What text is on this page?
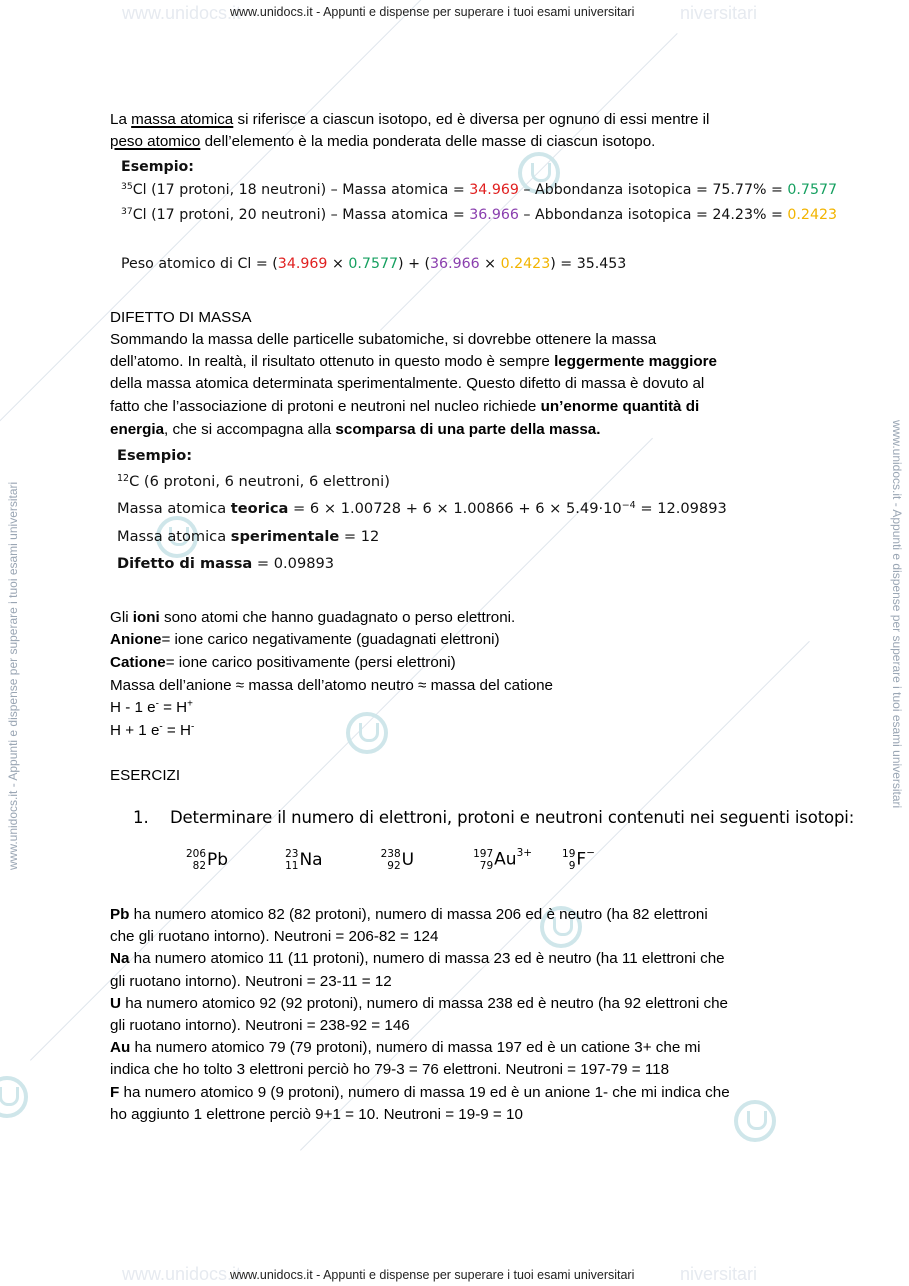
www.unidocs.it - Appunti e dispense per superare i tuoi esami universitari	www.unidocs.it - Appunti e dispense per superare i tuoi esami universitari
www.unidocs.it	niversitari
www.unidocs.it - Appunti e dispense per superare i tuoi esami universitari
La massa atomica si riferisce a ciascun isotopo, ed è diversa per ognuno di essi mentre il
peso atomico dell’elemento è la media ponderata delle masse di ciascun isotopo.
Esempio:
$^{35}$Cl (17 protoni, 18 neutroni) – Massa atomica = 34.969 – Abbondanza isotopica = 75.77% = 0.7577
$^{37}$Cl (17 protoni, 20 neutroni) – Massa atomica = 36.966 – Abbondanza isotopica = 24.23% = 0.2423
Peso atomico di Cl = (34.969 × 0.7577) + (36.966 × 0.2423) = 35.453
DIFETTO DI MASSA
Sommando la massa delle particelle subatomiche, si dovrebbe ottenere la massa
dell’atomo. In realtà, il risultato ottenuto in questo modo è sempre leggermente maggiore
della massa atomica determinata sperimentalmente. Questo difetto di massa è dovuto al
fatto che l’associazione di protoni e neutroni nel nucleo richiede un’enorme quantità di
energia, che si accompagna alla scomparsa di una parte della massa.
Esempio:
$^{12}$C (6 protoni, 6 neutroni, 6 elettroni)
Massa atomica teorica = $6 \times 1.00728 + 6 \times 1.00866 + 6 \times 5.49\cdot 10^{-4} = 12.09893$
Massa atomica sperimentale = 12
Difetto di massa = 0.09893
Gli ioni sono atomi che hanno guadagnato o perso elettroni.
Anione= ione carico negativamente (guadagnati elettroni)
Catione= ione carico positivamente (persi elettroni)
Massa dell’anione ≈ massa dell’atomo neutro ≈ massa del catione
H - 1 e- = H+
H + 1 e- = H-
ESERCIZI
1. Determinare il numero di elettroni, protoni e neutroni contenuti nei seguenti isotopi:
206
82 Pb	23
11 Na	238
92 U	197
79 $Au^{3+}$	19
9 F−
Pb ha numero atomico 82 (82 protoni), numero di massa 206 ed è neutro (ha 82 elettroni
che gli ruotano intorno). Neutroni = 206-82 = 124
Na ha numero atomico 11 (11 protoni), numero di massa 23 ed è neutro (ha 11 elettroni che
gli ruotano intorno). Neutroni = 23-11 = 12
U ha numero atomico 92 (92 protoni), numero di massa 238 ed è neutro (ha 92 elettroni che
gli ruotano intorno). Neutroni = 238-92 = 146
Au ha numero atomico 79 (79 protoni), numero di massa 197 ed è un catione 3+ che mi
indica che ho tolto 3 elettroni perciò ho 79-3 = 76 elettroni. Neutroni = 197-79 = 118
F ha numero atomico 9 (9 protoni), numero di massa 19 ed è un anione 1- che mi indica che
ho aggiunto 1 elettrone perciò 9+1 = 10. Neutroni = 19-9 = 10
www.unidocs.it	niversitari
www.unidocs.it - Appunti e dispense per superare i tuoi esami universitari
